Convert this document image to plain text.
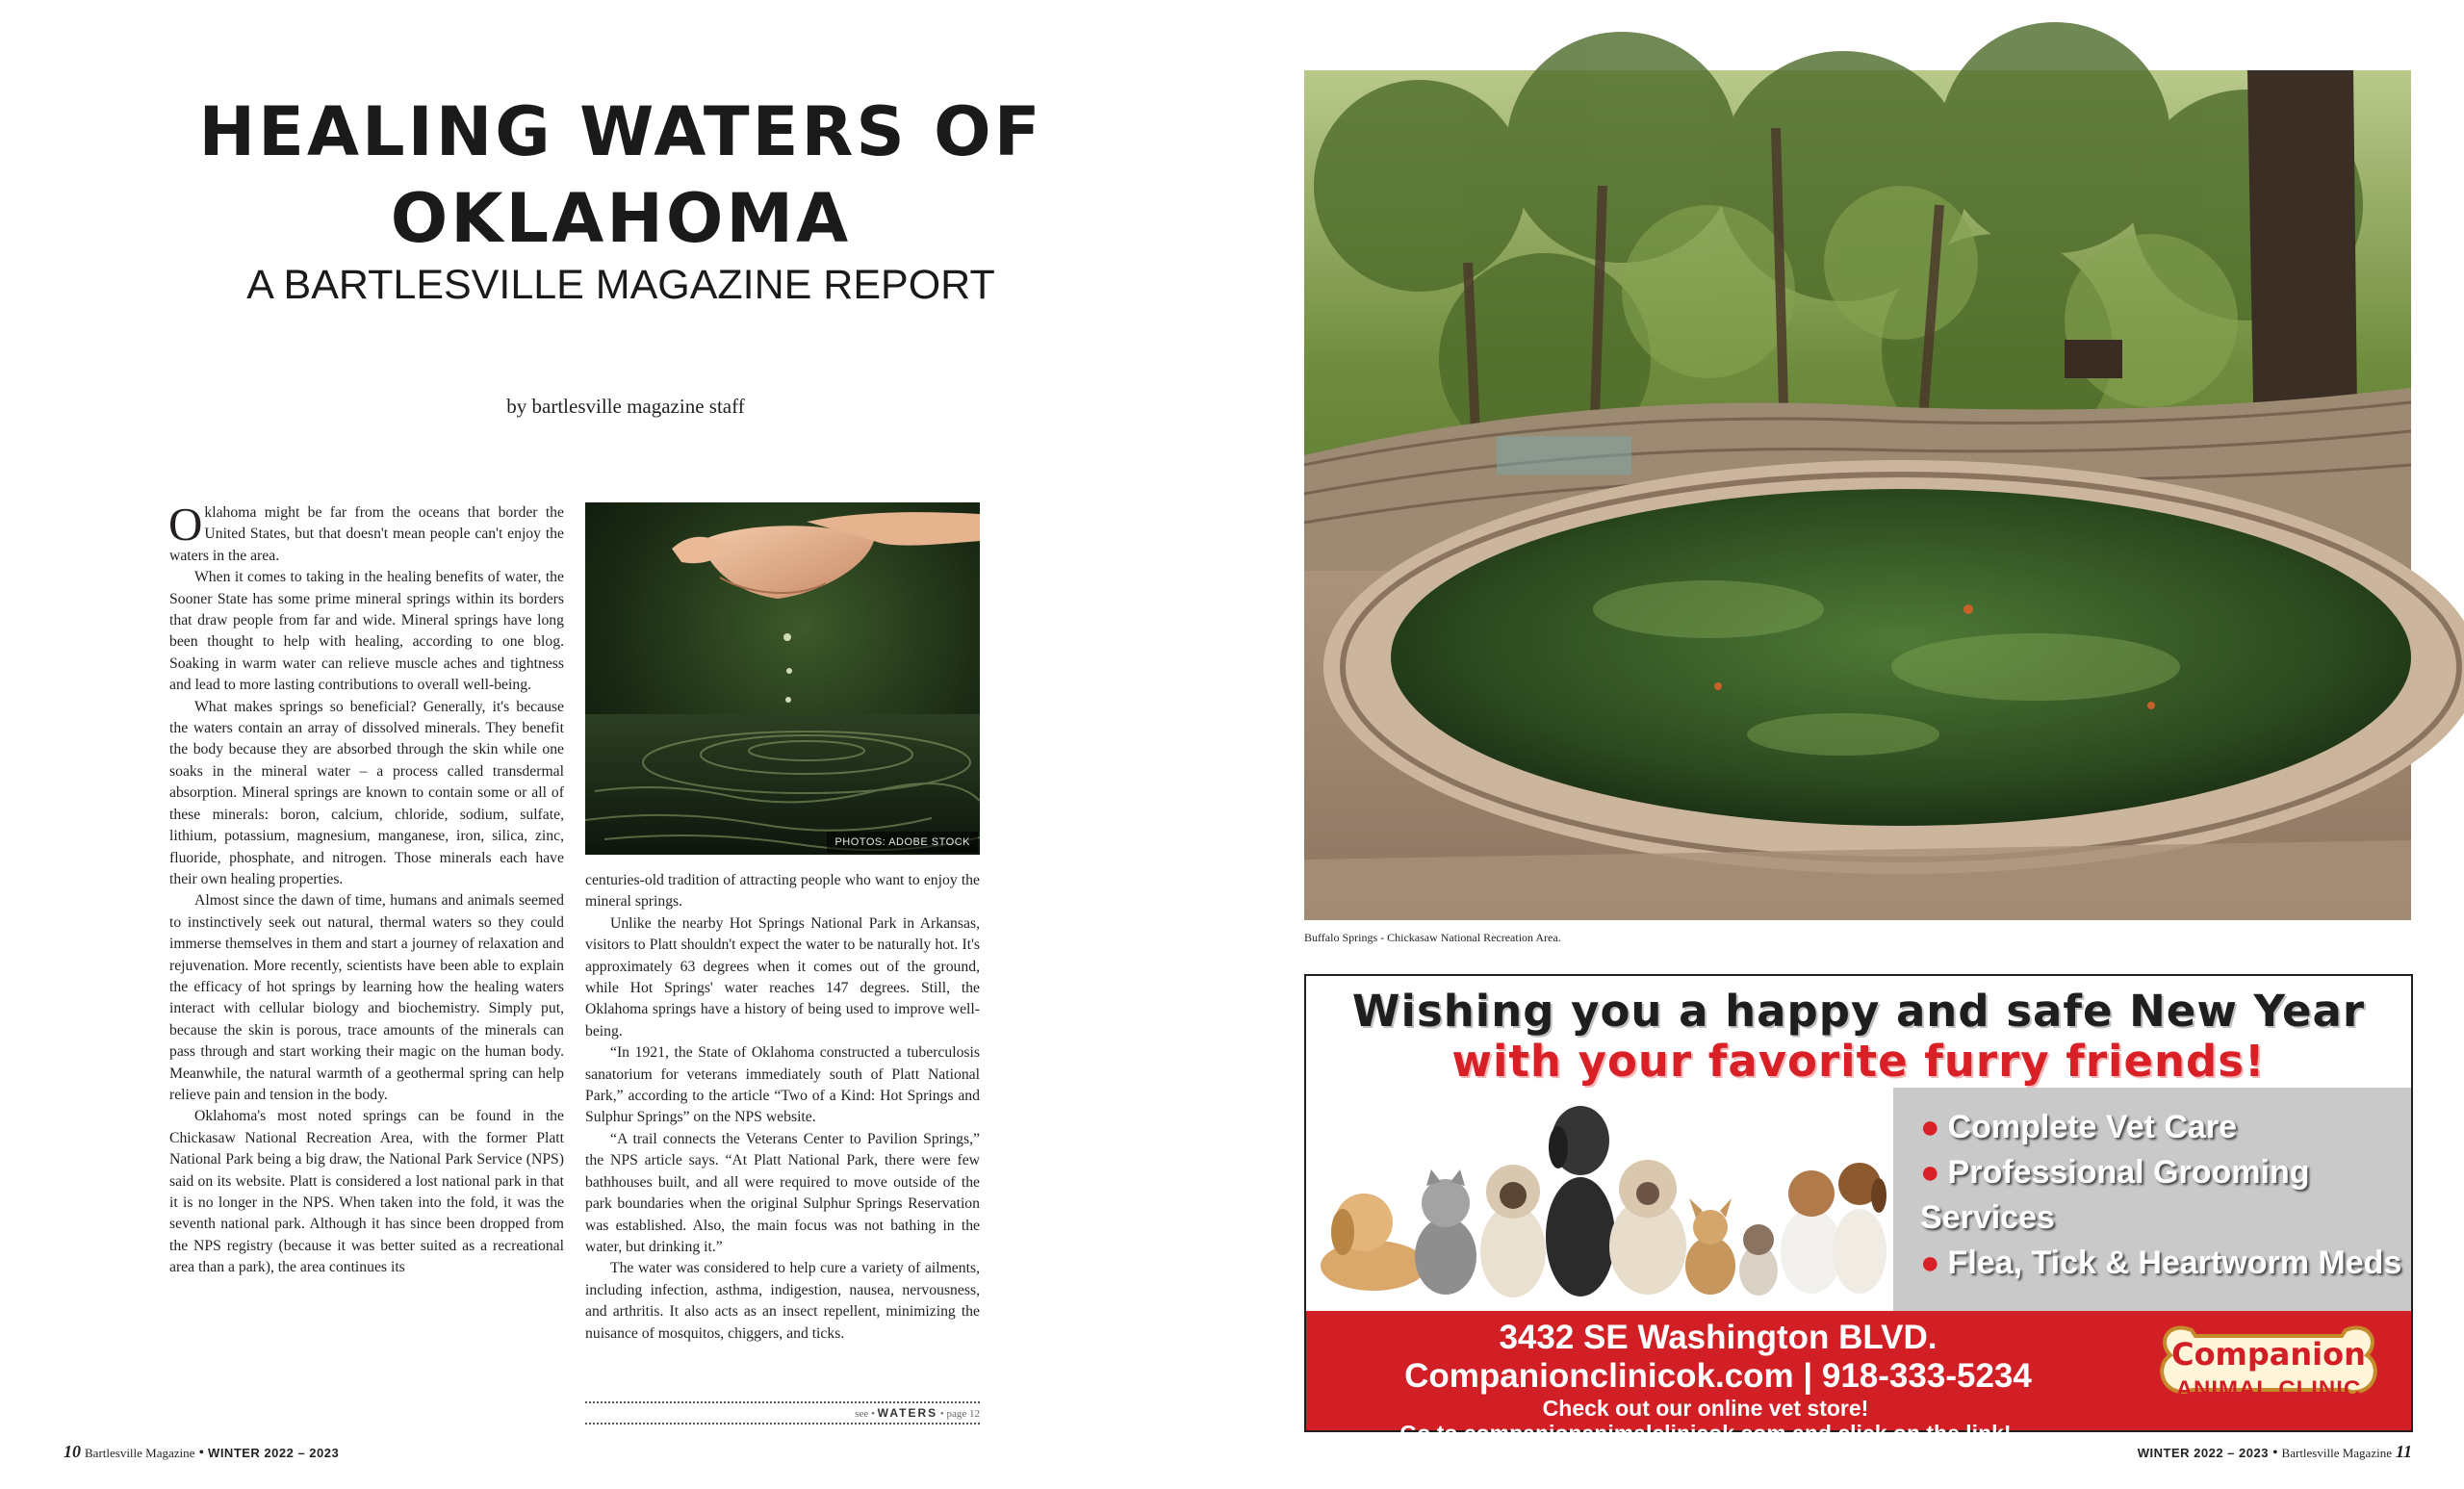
HEALING WATERS OF OKLAHOMA
A BARTLESVILLE MAGAZINE REPORT
by bartlesville magazine staff

Oklahoma might be far from the oceans that border the United States, but that doesn't mean people can't enjoy the waters in the area.

When it comes to taking in the healing benefits of water, the Sooner State has some prime mineral springs within its borders that draw people from far and wide. Mineral springs have long been thought to help with healing, according to one blog. Soaking in warm water can relieve muscle aches and tightness and lead to more lasting contributions to overall well-being.

What makes springs so beneficial? Generally, it's because the waters contain an array of dissolved minerals. They benefit the body because they are absorbed through the skin while one soaks in the mineral water – a process called transdermal absorption. Mineral springs are known to contain some or all of these minerals: boron, calcium, chloride, sodium, sulfate, lithium, potassium, magnesium, manganese, iron, silica, zinc, fluoride, phosphate, and nitrogen. Those minerals each have their own healing properties.

Almost since the dawn of time, humans and animals seemed to instinctively seek out natural, thermal waters so they could immerse themselves in them and start a journey of relaxation and rejuvenation. More recently, scientists have been able to explain the efficacy of hot springs by learning how the healing waters interact with cellular biology and biochemistry. Simply put, because the skin is porous, trace amounts of the minerals can pass through and start working their magic on the human body. Meanwhile, the natural warmth of a geothermal spring can help relieve pain and tension in the body.

Oklahoma's most noted springs can be found in the Chickasaw National Recreation Area, with the former Platt National Park being a big draw, the National Park Service (NPS) said on its website. Platt is considered a lost national park in that it is no longer in the NPS. When taken into the fold, it was the seventh national park. Although it has since been dropped from the NPS registry (because it was better suited as a recreational area than a park), the area continues its

PHOTOS: ADOBE STOCK

centuries-old tradition of attracting people who want to enjoy the mineral springs.

Unlike the nearby Hot Springs National Park in Arkansas, visitors to Platt shouldn't expect the water to be naturally hot. It's approximately 63 degrees when it comes out of the ground, while Hot Springs' water reaches 147 degrees. Still, the Oklahoma springs have a history of being used to improve well-being.

“In 1921, the State of Oklahoma constructed a tuberculosis sanatorium for veterans immediately south of Platt National Park,” according to the article “Two of a Kind: Hot Springs and Sulphur Springs” on the NPS website.

“A trail connects the Veterans Center to Pavilion Springs,” the NPS article says. “At Platt National Park, there were few bathhouses built, and all were required to move outside of the park boundaries when the original Sulphur Springs Reservation was established. Also, the main focus was not bathing in the water, but drinking it.”

The water was considered to help cure a variety of ailments, including infection, asthma, indigestion, nausea, nervousness, and arthritis. It also acts as an insect repellent, minimizing the nuisance of mosquitos, chiggers, and ticks.

see • WATERS • page 12
10 Bartlesville Magazine • WINTER 2022 – 2023
Buffalo Springs - Chickasaw National Recreation Area.
Wishing you a happy and safe New Year
with your favorite furry friends!
● Complete Vet Care
● Professional Grooming
Services
● Flea, Tick & Heartworm Meds
3432 SE Washington BLVD.
Companionclinicok.com | 918-333-5234
Check out our online vet store!
Go to companionanimalclinicok.com and click on the link!
Companion
ANIMAL CLINIC
WINTER 2022 – 2023 • Bartlesville Magazine 11
